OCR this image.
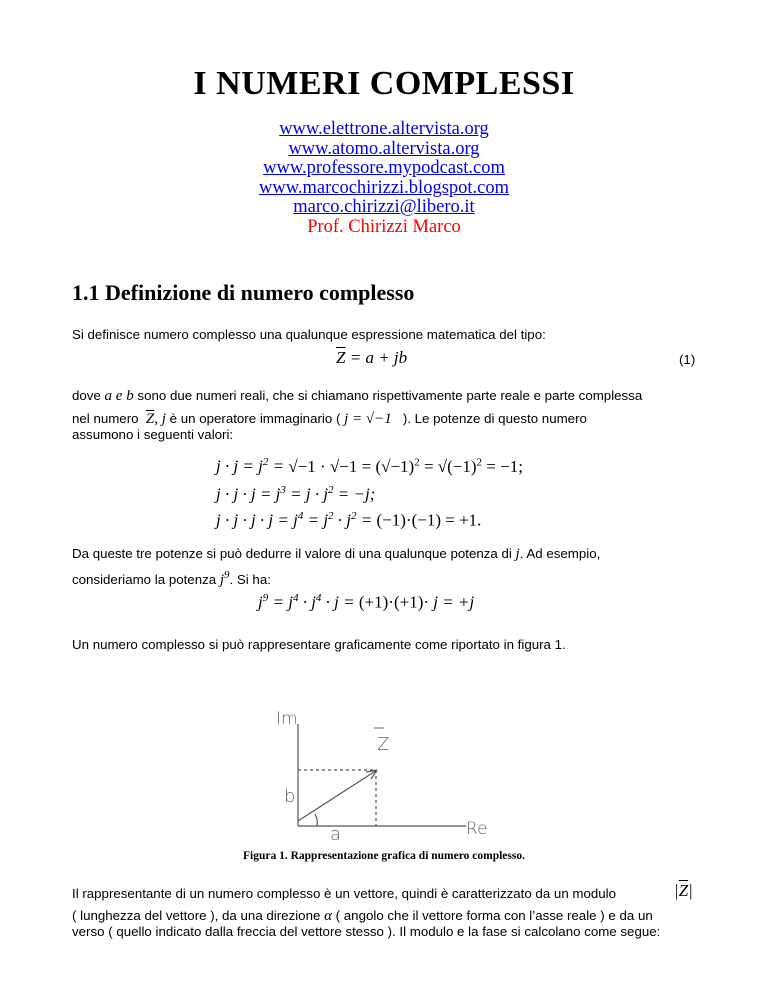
I NUMERI COMPLESSI
www.elettrone.altervista.org
www.atomo.altervista.org
www.professore.mypodcast.com
www.marcochirizzi.blogspot.com
marco.chirizzi@libero.it
Prof. Chirizzi Marco
1.1 Definizione di numero complesso
Si definisce numero complesso una qualunque espressione matematica del tipo:
$\overline{Z} = a$ + jb	(1)
dove a e b sono due numeri reali, che si chiamano rispettivamente parte reale e parte complessa
nel numero $\overline{Z}$, j è un operatore immaginario ( j = √−1 ). Le potenze di questo numero
assumono i seguenti valori:
$j \cdot j = j^2 = √-1 \cdot √-1 = (√-1)^2 = √(-1)^2 = -1$;
$j \cdot j \cdot j = j^3 = j \cdot j^2 = -j$;
$j \cdot j \cdot j \cdot j = j^4 = j^2 \cdot j^2 = (-1)\cdot(-1) = +1$.
Da queste tre potenze si può dedurre il valore di una qualunque potenza di j. Ad esempio,
consideriamo la potenza $j^9$. Si ha:
$j^9 = j^4 \cdot j^4 \cdot j = (+1)\cdot(+1)\cdot j = +j$
Un numero complesso si può rappresentare graficamente come riportato in figura 1.
Im
Re
Z
b
a
Figura 1. Rappresentazione grafica di numero complesso.
Il rappresentante di un numero complesso è un vettore, quindi è caratterizzato da un modulo	$|\overline{Z}|$
( lunghezza del vettore ), da una direzione α ( angolo che il vettore forma con l’asse reale ) e da un
verso ( quello indicato dalla freccia del vettore stesso ). Il modulo e la fase si calcolano come segue:
